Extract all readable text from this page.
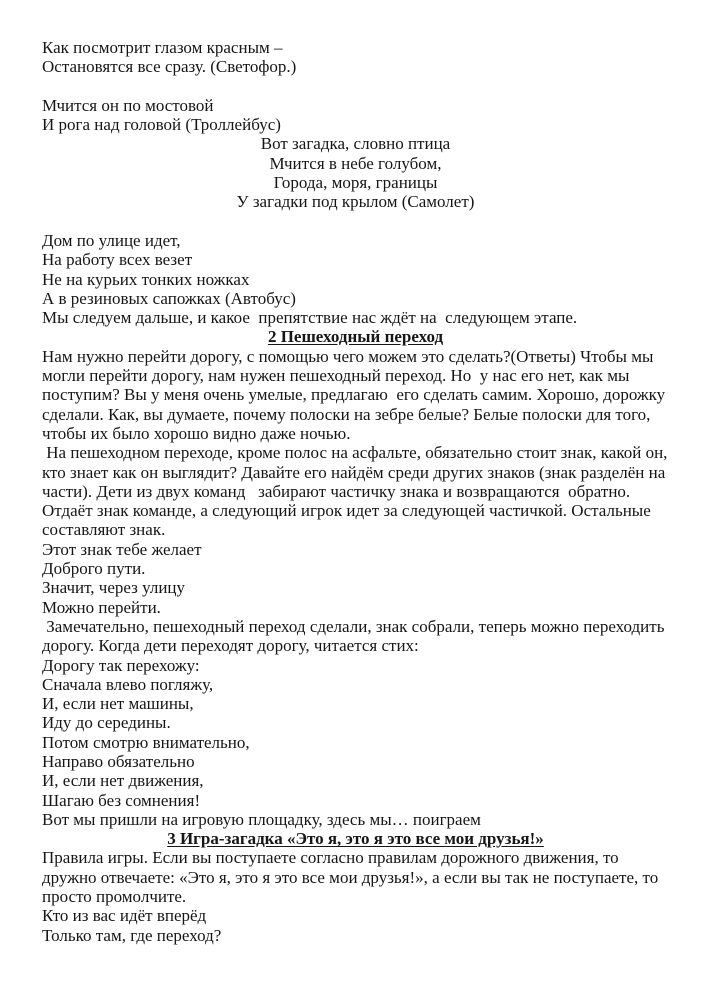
Как посмотрит глазом красным –
Остановятся все сразу. (Светофор.)
Мчится он по мостовой
И рога над головой (Троллейбус)
Вот загадка, словно птица
Мчится в небе голубом,
Города, моря, границы
У загадки под крылом (Самолет)
Дом по улице идет,
На работу всех везет
Не на курьих тонких ножках
А в резиновых сапожках (Автобус)
Мы следуем дальше, и какое  препятствие нас ждёт на  следующем этапе.
2 Пешеходный переход
Нам нужно перейти дорогу, с помощью чего можем это сделать?(Ответы) Чтобы мы
могли перейти дорогу, нам нужен пешеходный переход. Но  у нас его нет, как мы
поступим? Вы у меня очень умелые, предлагаю  его сделать самим. Хорошо, дорожку
сделали. Как, вы думаете, почему полоски на зебре белые? Белые полоски для того,
чтобы их было хорошо видно даже ночью.
На пешеходном переходе, кроме полос на асфальте, обязательно стоит знак, какой он,
кто знает как он выглядит? Давайте его найдём среди других знаков (знак разделён на
части). Дети из двух команд   забирают частичку знака и возвращаются  обратно.
Отдаёт знак команде, а следующий игрок идет за следующей частичкой. Остальные
составляют знак.
Этот знак тебе желает
Доброго пути.
Значит, через улицу
Можно перейти.
Замечательно, пешеходный переход сделали, знак собрали, теперь можно переходить
дорогу. Когда дети переходят дорогу, читается стих:
Дорогу так перехожу:
Сначала влево погляжу,
И, если нет машины,
Иду до середины.
Потом смотрю внимательно,
Направо обязательно
И, если нет движения,
Шагаю без сомнения!
Вот мы пришли на игровую площадку, здесь мы… поиграем
3 Игра-загадка «Это я, это я это все мои друзья!»
Правила игры. Если вы поступаете согласно правилам дорожного движения, то
дружно отвечаете: «Это я, это я это все мои друзья!», а если вы так не поступаете, то
просто промолчите.
Кто из вас идёт вперёд
Только там, где переход?
